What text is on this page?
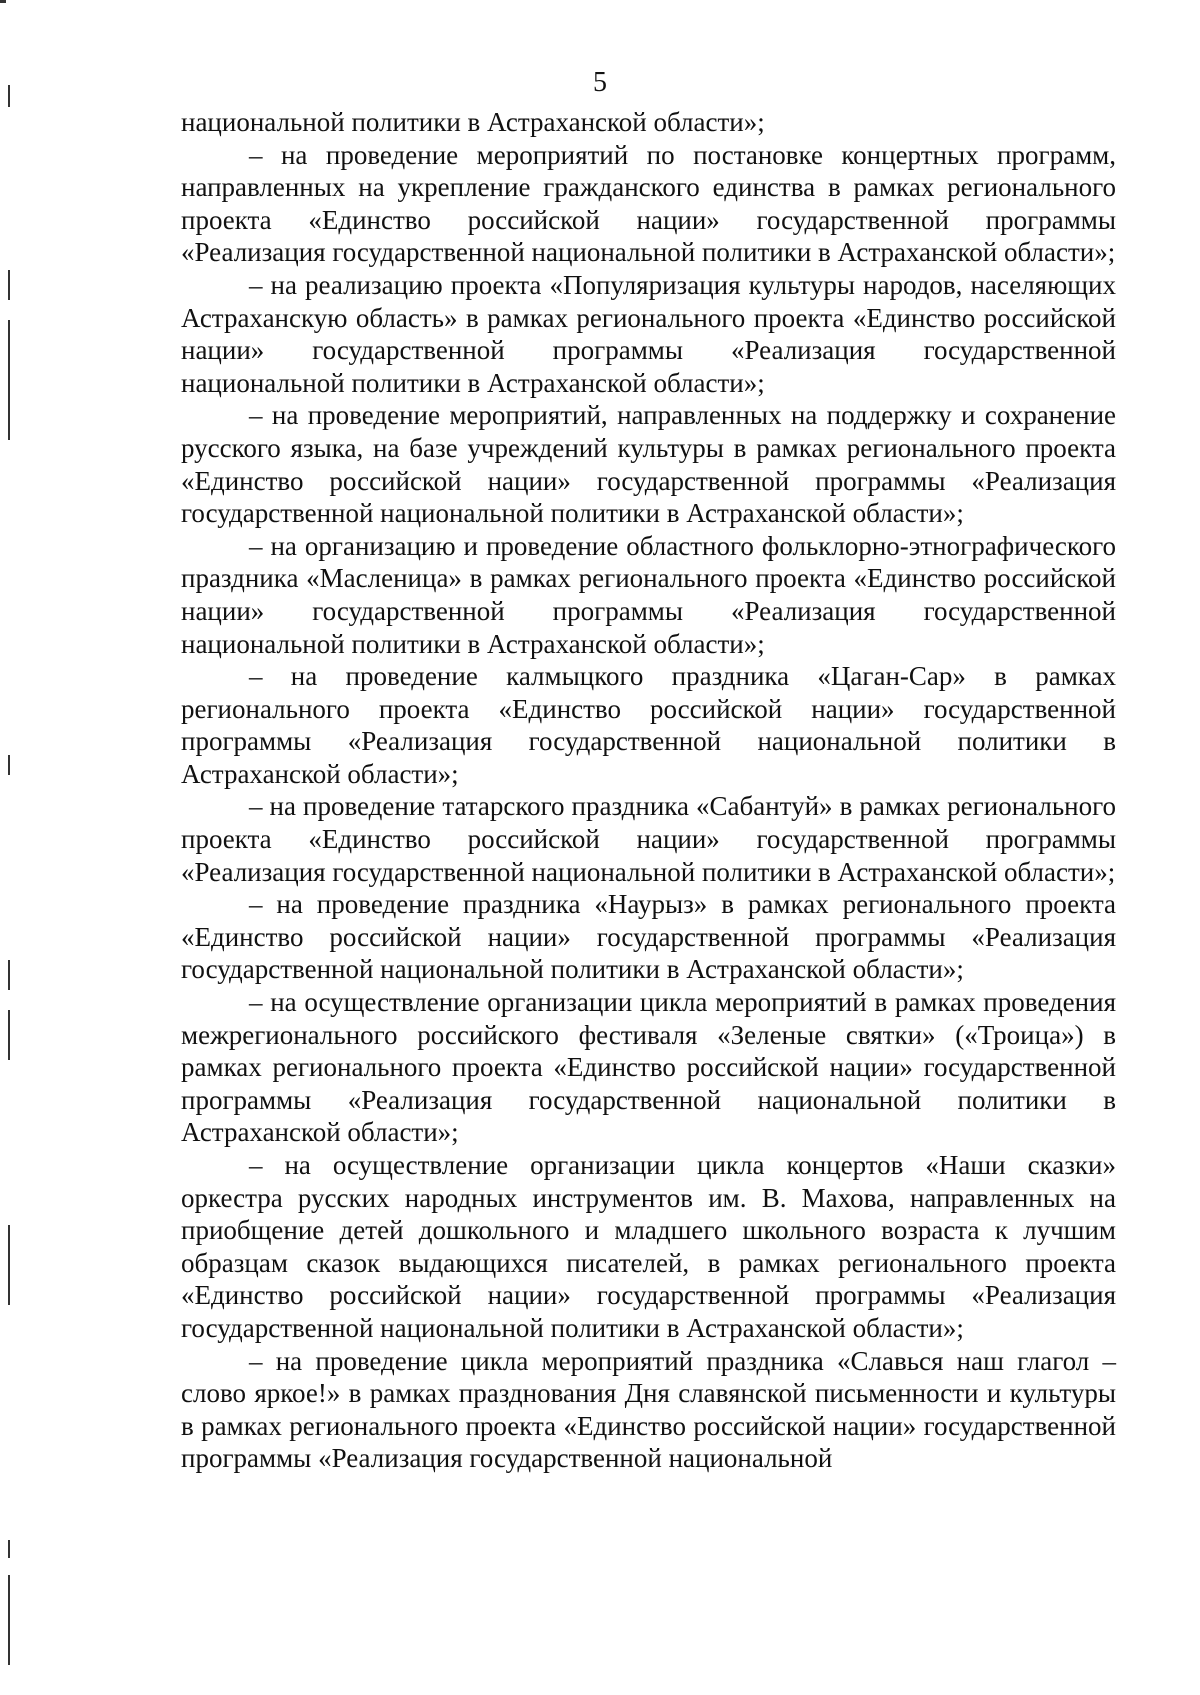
5

национальной политики в Астраханской области»;

– на проведение мероприятий по постановке концертных программ, направленных на укрепление гражданского единства в рамках регионального проекта «Единство российской нации» государственной программы «Реализация государственной национальной политики в Астраханской области»;

– на реализацию проекта «Популяризация культуры народов, населяющих Астраханскую область» в рамках регионального проекта «Единство российской нации» государственной программы «Реализация государственной национальной политики в Астраханской области»;

– на проведение мероприятий, направленных на поддержку и сохранение русского языка, на базе учреждений культуры в рамках регионального проекта «Единство российской нации» государственной программы «Реализация государственной национальной политики в Астраханской области»;

– на организацию и проведение областного фольклорно-этнографического праздника «Масленица» в рамках регионального проекта «Единство российской нации» государственной программы «Реализация государственной национальной политики в Астраханской области»;

– на проведение калмыцкого праздника «Цаган-Сар» в рамках регионального проекта «Единство российской нации» государственной программы «Реализация государственной национальной политики в Астраханской области»;

– на проведение татарского праздника «Сабантуй» в рамках регионального проекта «Единство российской нации» государственной программы «Реализация государственной национальной политики в Астраханской области»;

– на проведение праздника «Наурыз» в рамках регионального проекта «Единство российской нации» государственной программы «Реализация государственной национальной политики в Астраханской области»;

– на осуществление организации цикла мероприятий в рамках проведения межрегионального российского фестиваля «Зеленые святки» («Троица») в рамках регионального проекта «Единство российской нации» государственной программы «Реализация государственной национальной политики в Астраханской области»;

– на осуществление организации цикла концертов «Наши сказки» оркестра русских народных инструментов им. В. Махова, направленных на приобщение детей дошкольного и младшего школьного возраста к лучшим образцам сказок выдающихся писателей, в рамках регионального проекта «Единство российской нации» государственной программы «Реализация государственной национальной политики в Астраханской области»;

– на проведение цикла мероприятий праздника «Славься наш глагол – слово яркое!» в рамках празднования Дня славянской письменности и культуры в рамках регионального проекта «Единство российской нации» государственной программы «Реализация государственной национальной
